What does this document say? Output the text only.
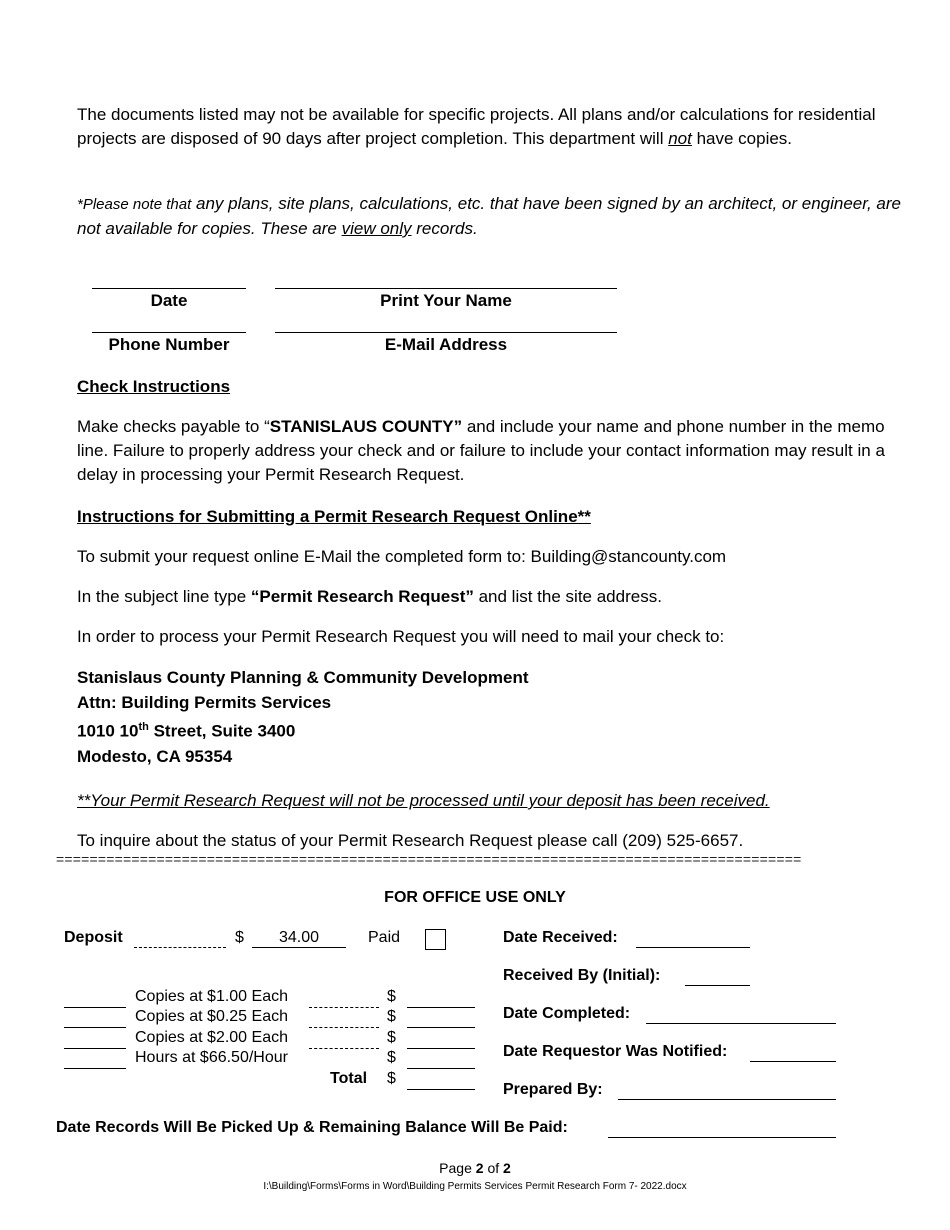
The documents listed may not be available for specific projects. All plans and/or calculations for residential projects are disposed of 90 days after project completion. This department will not have copies.
*Please note that any plans, site plans, calculations, etc. that have been signed by an architect, or engineer, are not available for copies. These are view only records.
Date	Print Your Name
Phone Number	E-Mail Address
Check Instructions
Make checks payable to “STANISLAUS COUNTY” and include your name and phone number in the memo line. Failure to properly address your check and or failure to include your contact information may result in a delay in processing your Permit Research Request.
Instructions for Submitting a Permit Research Request Online**
To submit your request online E-Mail the completed form to: Building@stancounty.com
In the subject line type “Permit Research Request” and list the site address.
In order to process your Permit Research Request you will need to mail your check to:
Stanislaus County Planning & Community Development
Attn: Building Permits Services
1010 10th Street, Suite 3400
Modesto, CA 95354
**Your Permit Research Request will not be processed until your deposit has been received.
To inquire about the status of your Permit Research Request please call (209) 525-6657.
=========================================================================================
FOR OFFICE USE ONLY
Deposit	$	34.00	Paid
Copies at $1.00 Each	$
Copies at $0.25 Each	$
Copies at $2.00 Each	$
Hours at $66.50/Hour	$
Total $
Date Received:
Received By (Initial):
Date Completed:
Date Requestor Was Notified:
Prepared By:
Date Records Will Be Picked Up & Remaining Balance Will Be Paid:
Page 2 of 2
I:\Building\Forms\Forms in Word\Building Permits Services Permit Research Form 7- 2022.docx
